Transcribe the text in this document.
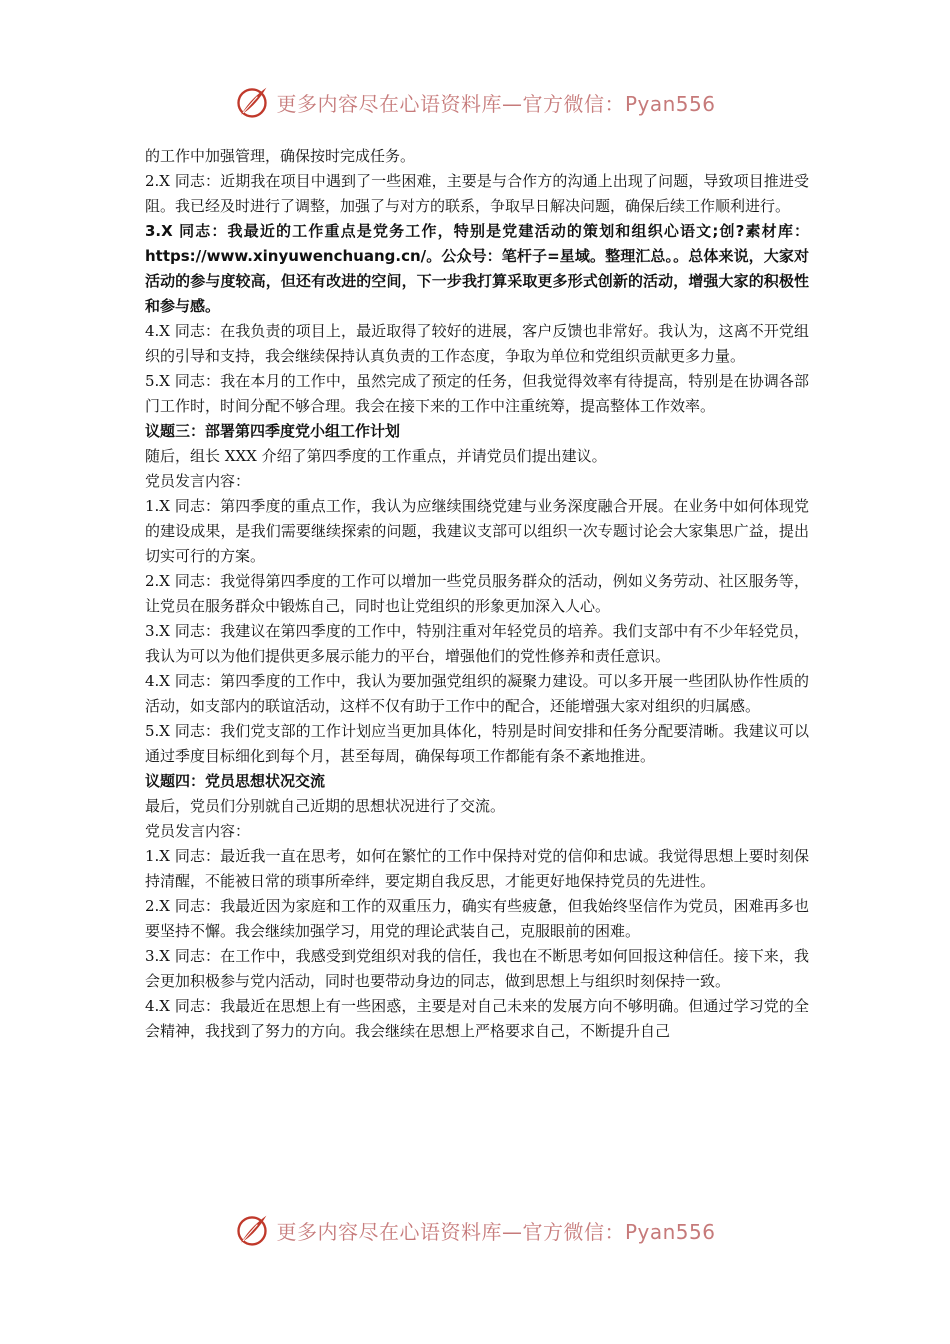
更多内容尽在心语资料库—官方微信：Pyan556

的工作中加强管理，确保按时完成任务。

2.X 同志：近期我在项目中遇到了一些困难，主要是与合作方的沟通上出现了问题，导致项目推进受阻。我已经及时进行了调整，加强了与对方的联系，争取早日解决问题，确保后续工作顺利进行。

3.X 同志：我最近的工作重点是党务工作，特别是党建活动的策划和组织心语文;创?素材库：https://www.xinyuwenchuang.cn/。公众号：笔杆子=星域。整理汇总。。总体来说，大家对活动的参与度较高，但还有改进的空间，下一步我打算采取更多形式创新的活动，增强大家的积极性和参与感。

4.X 同志：在我负责的项目上，最近取得了较好的进展，客户反馈也非常好。我认为，这离不开党组织的引导和支持，我会继续保持认真负责的工作态度，争取为单位和党组织贡献更多力量。

5.X 同志：我在本月的工作中，虽然完成了预定的任务，但我觉得效率有待提高，特别是在协调各部门工作时，时间分配不够合理。我会在接下来的工作中注重统筹，提高整体工作效率。

议题三：部署第四季度党小组工作计划

随后，组长 XXX 介绍了第四季度的工作重点，并请党员们提出建议。

党员发言内容：

1.X 同志：第四季度的重点工作，我认为应继续围绕党建与业务深度融合开展。在业务中如何体现党的建设成果，是我们需要继续探索的问题，我建议支部可以组织一次专题讨论会大家集思广益，提出切实可行的方案。

2.X 同志：我觉得第四季度的工作可以增加一些党员服务群众的活动，例如义务劳动、社区服务等，让党员在服务群众中锻炼自己，同时也让党组织的形象更加深入人心。

3.X 同志：我建议在第四季度的工作中，特别注重对年轻党员的培养。我们支部中有不少年轻党员，我认为可以为他们提供更多展示能力的平台，增强他们的党性修养和责任意识。

4.X 同志：第四季度的工作中，我认为要加强党组织的凝聚力建设。可以多开展一些团队协作性质的活动，如支部内的联谊活动，这样不仅有助于工作中的配合，还能增强大家对组织的归属感。

5.X 同志：我们党支部的工作计划应当更加具体化，特别是时间安排和任务分配要清晰。我建议可以通过季度目标细化到每个月，甚至每周，确保每项工作都能有条不紊地推进。

议题四：党员思想状况交流

最后，党员们分别就自己近期的思想状况进行了交流。

党员发言内容：

1.X 同志：最近我一直在思考，如何在繁忙的工作中保持对党的信仰和忠诚。我觉得思想上要时刻保持清醒，不能被日常的琐事所牵绊，要定期自我反思，才能更好地保持党员的先进性。

2.X 同志：我最近因为家庭和工作的双重压力，确实有些疲惫，但我始终坚信作为党员，困难再多也要坚持不懈。我会继续加强学习，用党的理论武装自己，克服眼前的困难。

3.X 同志：在工作中，我感受到党组织对我的信任，我也在不断思考如何回报这种信任。接下来，我会更加积极参与党内活动，同时也要带动身边的同志，做到思想上与组织时刻保持一致。

4.X 同志：我最近在思想上有一些困惑，主要是对自己未来的发展方向不够明确。但通过学习党的全会精神，我找到了努力的方向。我会继续在思想上严格要求自己，不断提升自己

更多内容尽在心语资料库—官方微信：Pyan556
